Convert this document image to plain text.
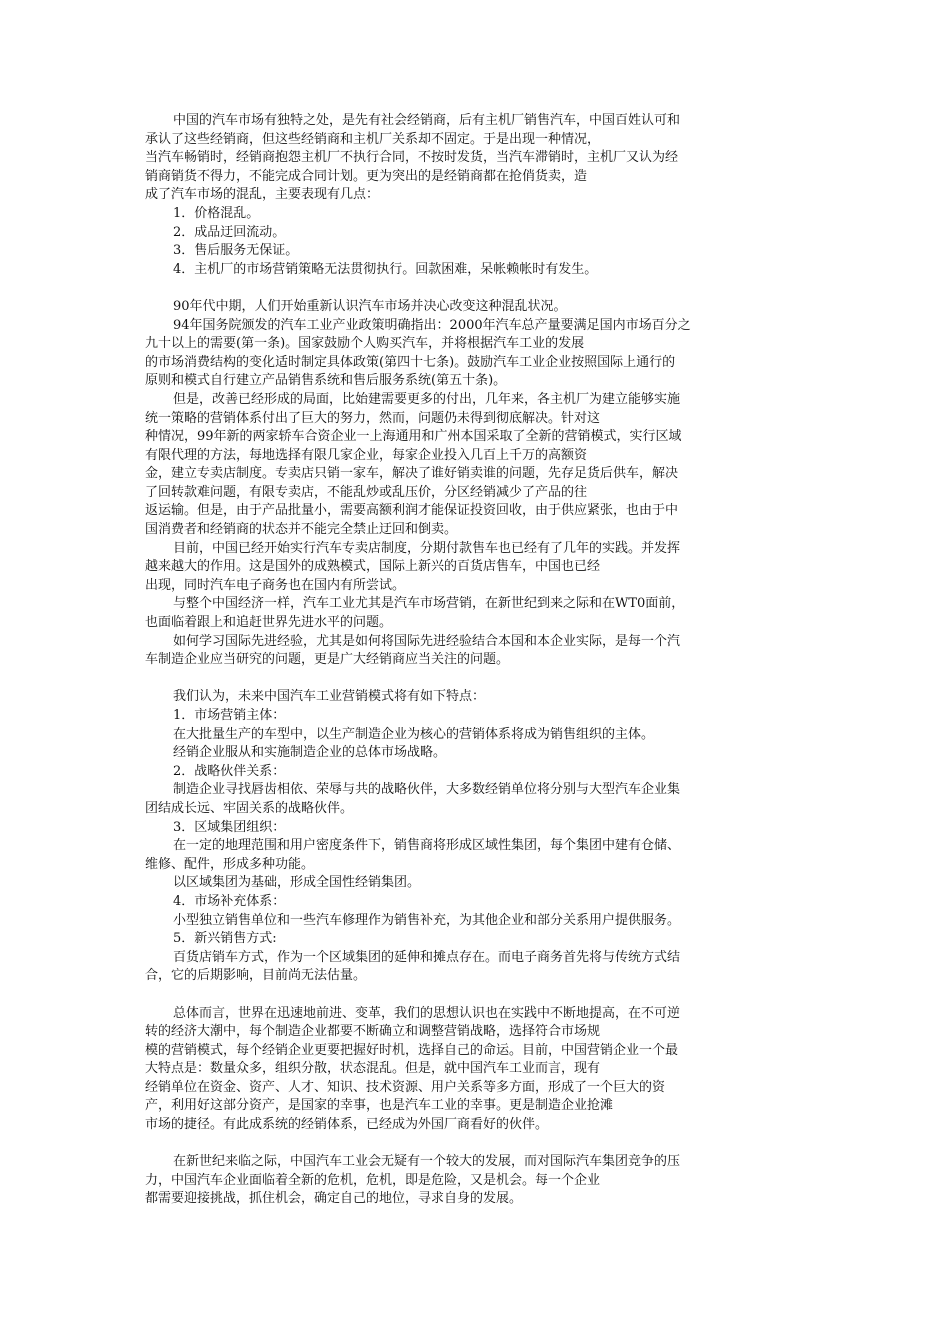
中国的汽车市场有独特之处，是先有社会经销商，后有主机厂销售汽车，中国百姓认可和
承认了这些经销商，但这些经销商和主机厂关系却不固定。于是出现一种情况，
当汽车畅销时，经销商抱怨主机厂不执行合同，不按时发货，当汽车滞销时，主机厂又认为经
销商销货不得力，不能完成合同计划。更为突出的是经销商都在抢俏货卖，造
成了汽车市场的混乱，主要表现有几点：
1．价格混乱。
2．成品迂回流动。
3．售后服务无保证。
4．主机厂的市场营销策略无法贯彻执行。回款困难，呆帐赖帐时有发生。
90年代中期，人们开始重新认识汽车市场并决心改变这种混乱状况。
94年国务院颁发的汽车工业产业政策明确指出：2000年汽车总产量要满足国内市场百分之
九十以上的需要(第一条)。国家鼓励个人购买汽车，并将根据汽车工业的发展
的市场消费结构的变化适时制定具体政策(第四十七条)。鼓励汽车工业企业按照国际上通行的
原则和模式自行建立产品销售系统和售后服务系统(第五十条)。
但是，改善已经形成的局面，比始建需要更多的付出，几年来，各主机厂为建立能够实施
统一策略的营销体系付出了巨大的努力，然而，问题仍未得到彻底解决。针对这
种情况，99年新的两家轿车合资企业一上海通用和广州本国采取了全新的营销模式，实行区域
有限代理的方法，每地选择有限几家企业，每家企业投入几百上千万的高额资
金，建立专卖店制度。专卖店只销一家车，解决了谁好销卖谁的问题，先存足货后供车，解决
了回转款难问题，有限专卖店，不能乱炒或乱压价，分区经销减少了产品的往
返运输。但是，由于产品批量小，需要高额利润才能保证投资回收，由于供应紧张，也由于中
国消费者和经销商的状态并不能完全禁止迂回和倒卖。
目前，中国已经开始实行汽车专卖店制度，分期付款售车也已经有了几年的实践。并发挥
越来越大的作用。这是国外的成熟模式，国际上新兴的百货店售车，中国也已经
出现，同时汽车电子商务也在国内有所尝试。
与整个中国经济一样，汽车工业尤其是汽车市场营销，在新世纪到来之际和在WT0面前，
也面临着跟上和追赶世界先进水平的问题。
如何学习国际先进经验，尤其是如何将国际先进经验结合本国和本企业实际，是每一个汽
车制造企业应当研究的问题，更是广大经销商应当关注的问题。
我们认为，未来中国汽车工业营销模式将有如下特点：
1．市场营销主体：
在大批量生产的车型中，以生产制造企业为核心的营销体系将成为销售组织的主体。
经销企业服从和实施制造企业的总体市场战略。
2．战略伙伴关系：
制造企业寻找唇齿相依、荣辱与共的战略伙伴，大多数经销单位将分别与大型汽车企业集
团结成长远、牢固关系的战略伙伴。
3．区域集团组织：
在一定的地理范围和用户密度条件下，销售商将形成区域性集团，每个集团中建有仓储、
维修、配件，形成多种功能。
以区域集团为基础，形成全国性经销集团。
4．市场补充体系：
小型独立销售单位和一些汽车修理作为销售补充，为其他企业和部分关系用户提供服务。
5．新兴销售方式:
百货店销车方式，作为一个区域集团的延伸和摊点存在。而电子商务首先将与传统方式结
合，它的后期影响，目前尚无法估量。
总体而言，世界在迅速地前进、变革，我们的思想认识也在实践中不断地提高，在不可逆
转的经济大潮中，每个制造企业都要不断确立和调整营销战略，选择符合市场规
模的营销模式，每个经销企业更要把握好时机，选择自己的命运。目前，中国营销企业一个最
大特点是：数量众多，组织分散，状态混乱。但是，就中国汽车工业而言，现有
经销单位在资金、资产、人才、知识、技术资源、用户关系等多方面，形成了一个巨大的资
产，利用好这部分资产，是国家的幸事，也是汽车工业的幸事。更是制造企业抢滩
市场的捷径。有此成系统的经销体系，已经成为外国厂商看好的伙伴。
在新世纪来临之际，中国汽车工业会无疑有一个较大的发展，而对国际汽车集团竞争的压
力，中国汽车企业面临着全新的危机，危机，即是危险，又是机会。每一个企业
都需要迎接挑战，抓住机会，确定自己的地位，寻求自身的发展。
